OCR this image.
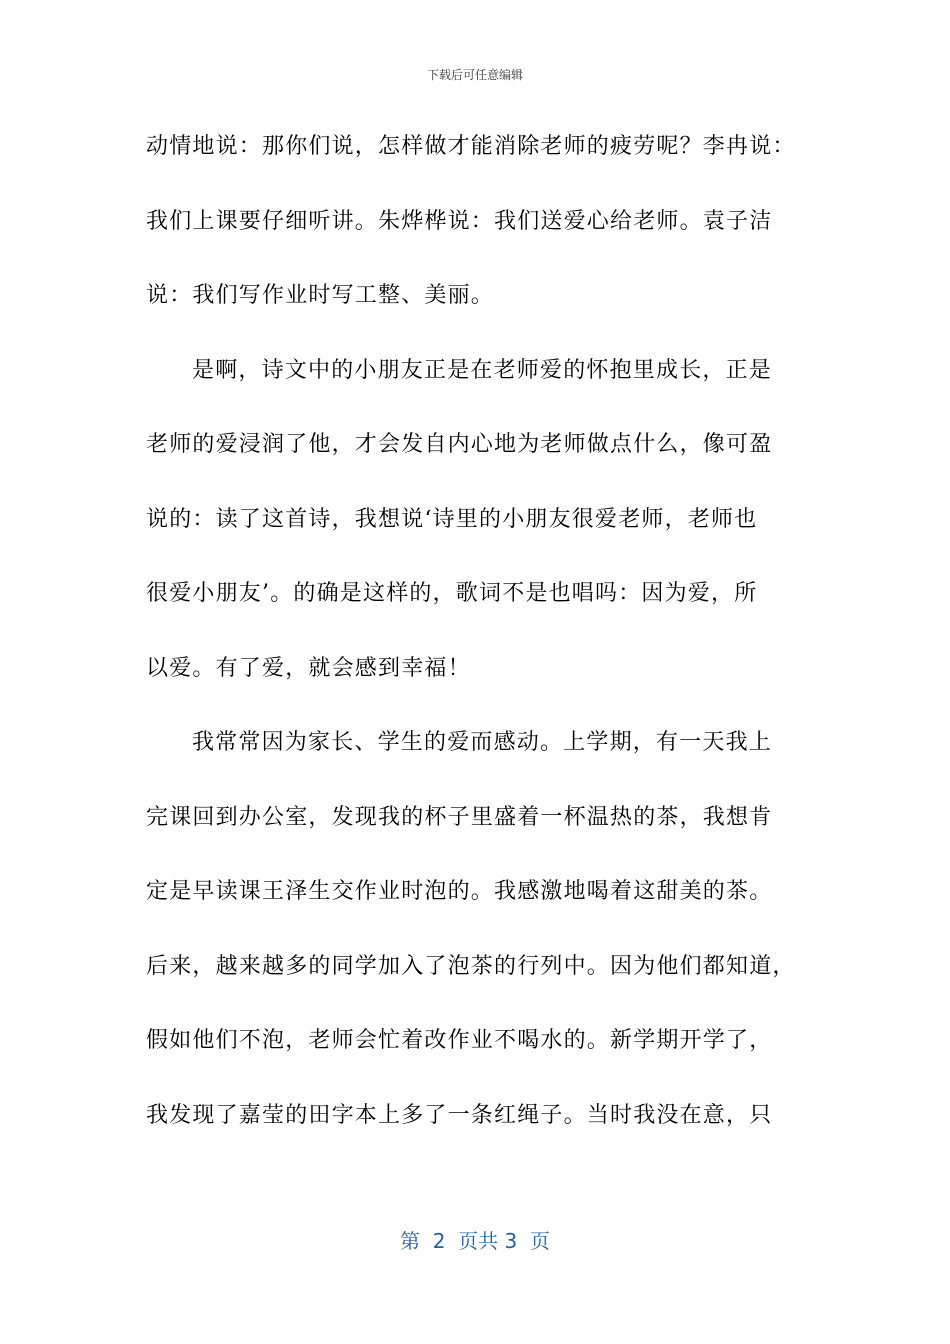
下载后可任意编辑
动情地说：那你们说，怎样做才能消除老师的疲劳呢？李冉说：
我们上课要仔细听讲。朱烨桦说：我们送爱心给老师。袁子洁
说：我们写作业时写工整、美丽。
是啊，诗文中的小朋友正是在老师爱的怀抱里成长，正是
老师的爱浸润了他，才会发自内心地为老师做点什么，像可盈
说的：读了这首诗，我想说‘诗里的小朋友很爱老师，老师也
很爱小朋友’。的确是这样的，歌词不是也唱吗：因为爱，所
以爱。有了爱，就会感到幸福！
我常常因为家长、学生的爱而感动。上学期，有一天我上
完课回到办公室，发现我的杯子里盛着一杯温热的茶，我想肯
定是早读课王泽生交作业时泡的。我感激地喝着这甜美的茶。
后来，越来越多的同学加入了泡茶的行列中。因为他们都知道，
假如他们不泡，老师会忙着改作业不喝水的。新学期开学了，
我发现了嘉莹的田字本上多了一条红绳子。当时我没在意，只
第  2  页共 3  页
